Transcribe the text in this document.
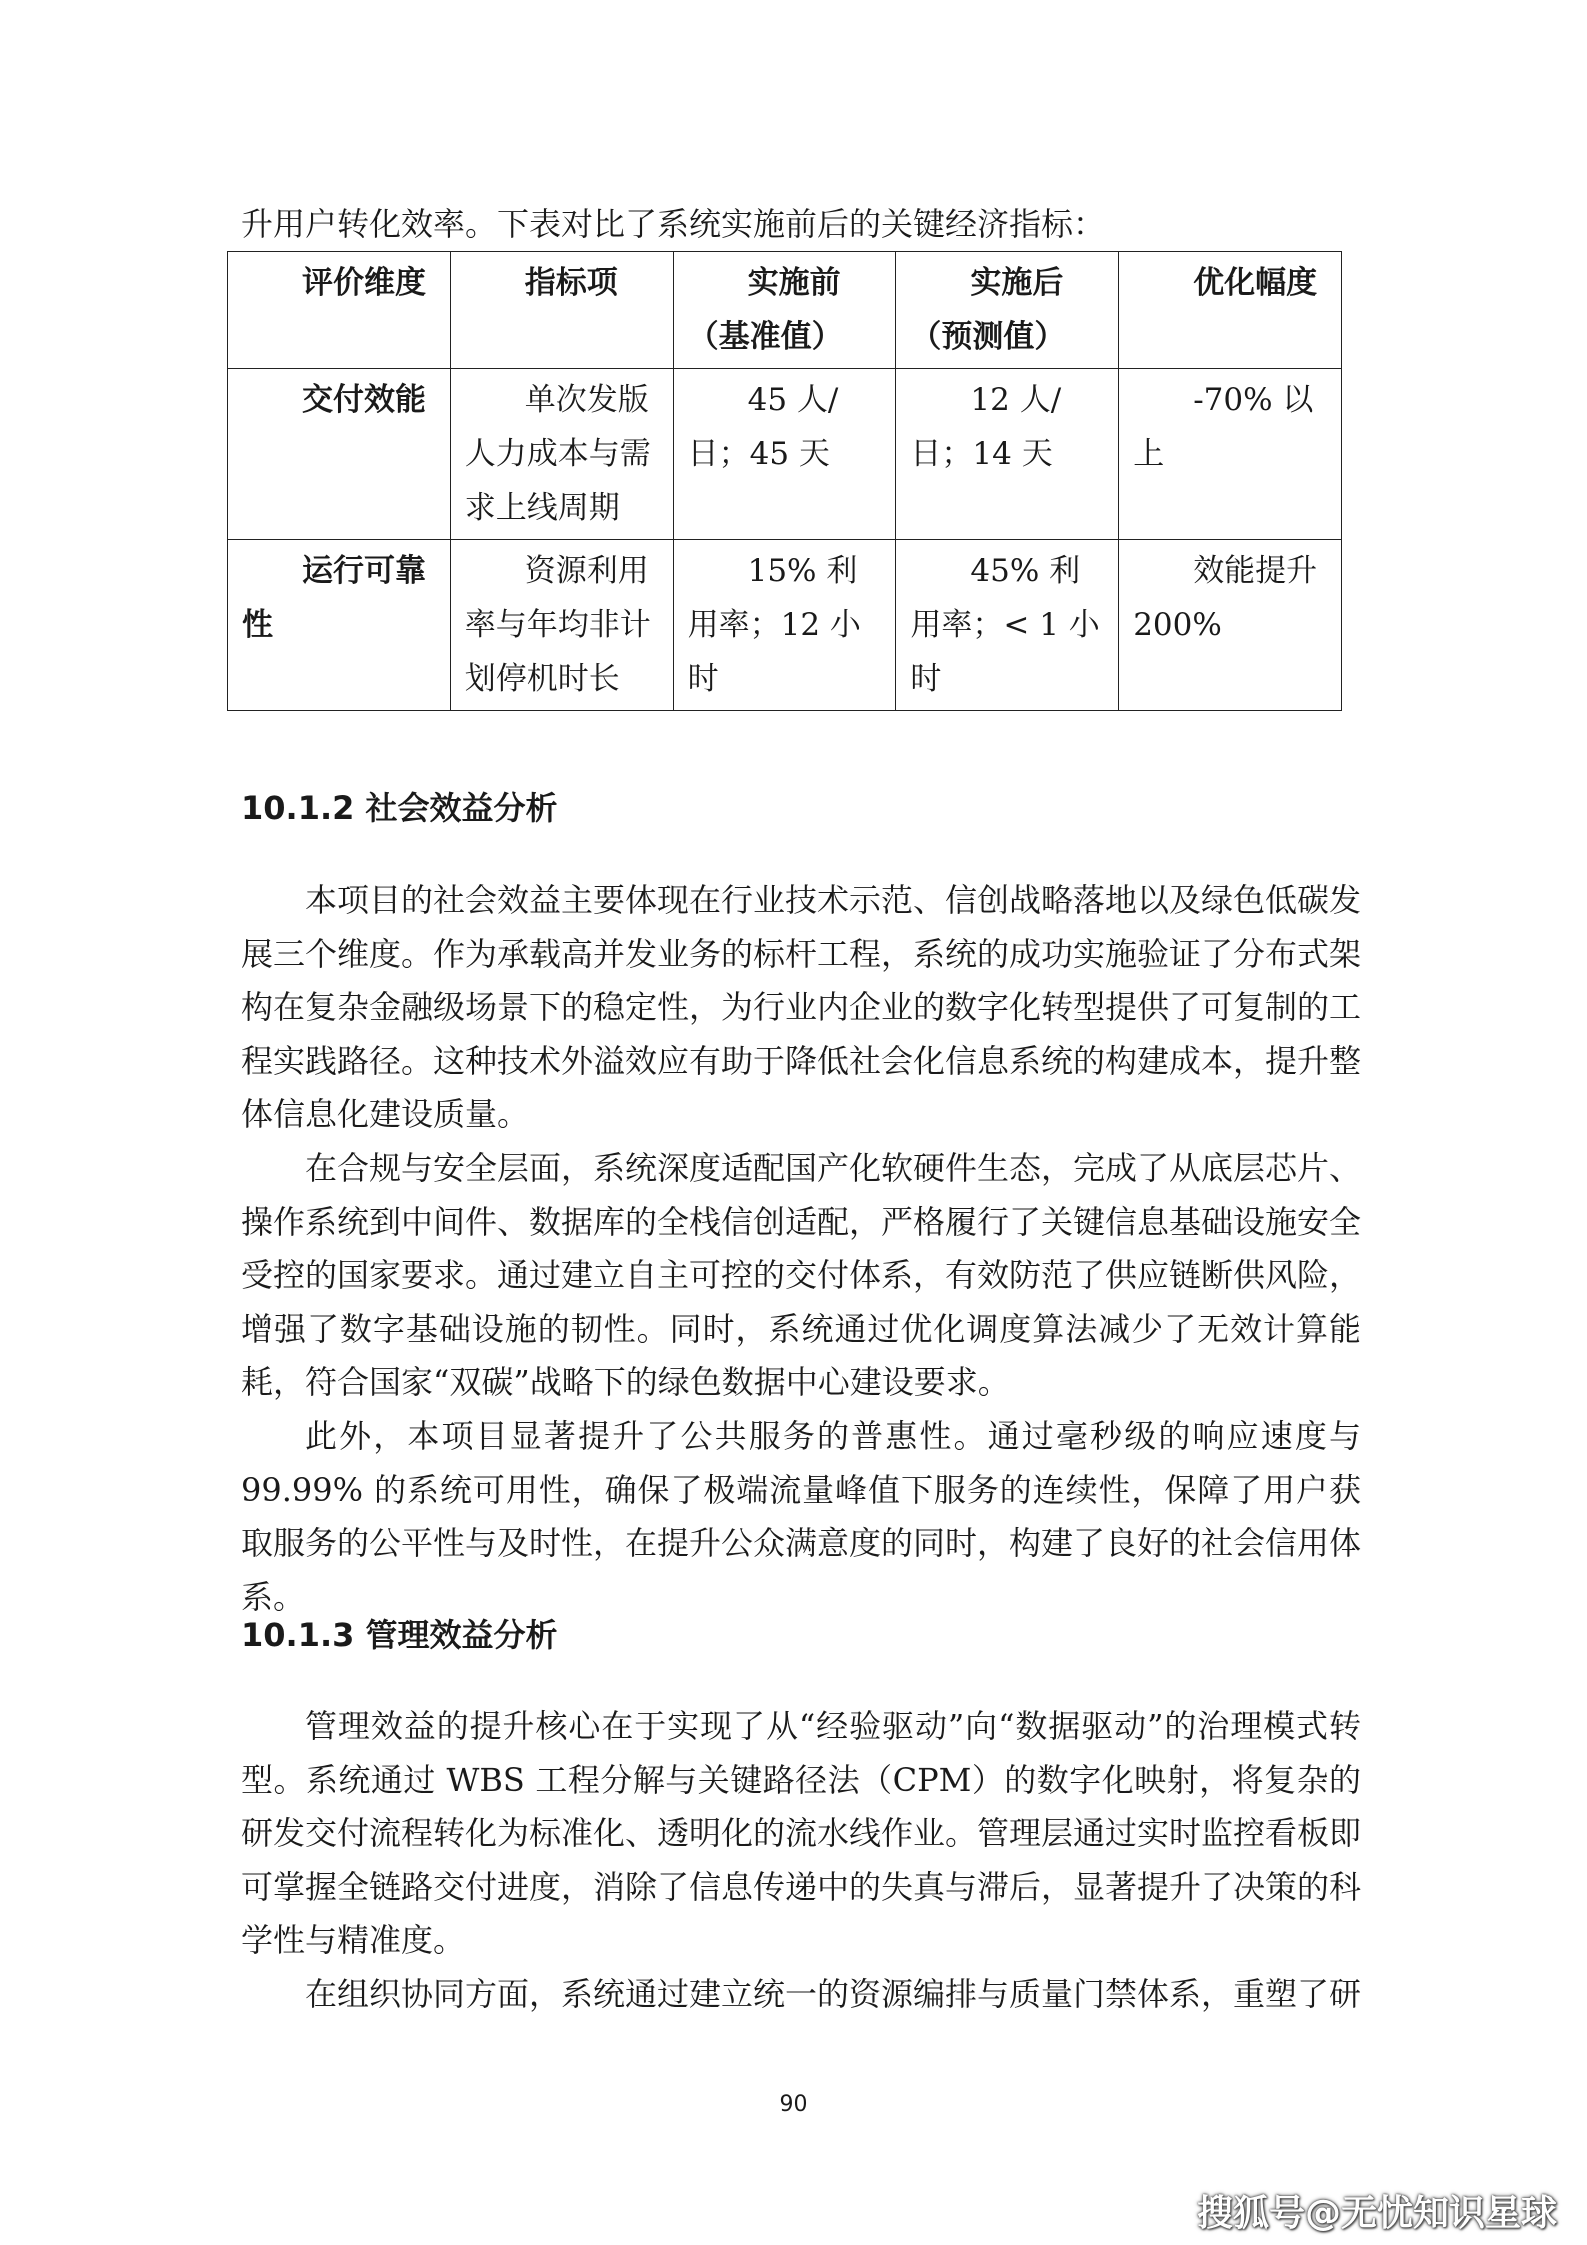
升用户转化效率。下表对比了系统实施前后的关键经济指标：
评价维度	指标项	实施前（基准值）	实施后（预测值）	优化幅度
交付效能	单次发版人力成本与需求上线周期	45 人/日；45 天	12 人/日；14 天	-70% 以上
运行可靠性	资源利用率与年均非计划停机时长	15% 利用率；12 小时	45% 利用率；< 1 小时	效能提升 200%
10.1.2 社会效益分析

本项目的社会效益主要体现在行业技术示范、信创战略落地以及绿色低碳发展三个维度。作为承载高并发业务的标杆工程，系统的成功实施验证了分布式架构在复杂金融级场景下的稳定性，为行业内企业的数字化转型提供了可复制的工程实践路径。这种技术外溢效应有助于降低社会化信息系统的构建成本，提升整体信息化建设质量。

在合规与安全层面，系统深度适配国产化软硬件生态，完成了从底层芯片、操作系统到中间件、数据库的全栈信创适配，严格履行了关键信息基础设施安全受控的国家要求。通过建立自主可控的交付体系，有效防范了供应链断供风险，增强了数字基础设施的韧性。同时，系统通过优化调度算法减少了无效计算能耗，符合国家“双碳”战略下的绿色数据中心建设要求。

此外，本项目显著提升了公共服务的普惠性。通过毫秒级的响应速度与 99.99% 的系统可用性，确保了极端流量峰值下服务的连续性，保障了用户获取服务的公平性与及时性，在提升公众满意度的同时，构建了良好的社会信用体系。

10.1.3 管理效益分析

管理效益的提升核心在于实现了从“经验驱动”向“数据驱动”的治理模式转型。系统通过 WBS 工程分解与关键路径法（CPM）的数字化映射，将复杂的研发交付流程转化为标准化、透明化的流水线作业。管理层通过实时监控看板即可掌握全链路交付进度，消除了信息传递中的失真与滞后，显著提升了决策的科学性与精准度。

在组织协同方面，系统通过建立统一的资源编排与质量门禁体系，重塑了研

90
搜狐号@无忧知识星球
